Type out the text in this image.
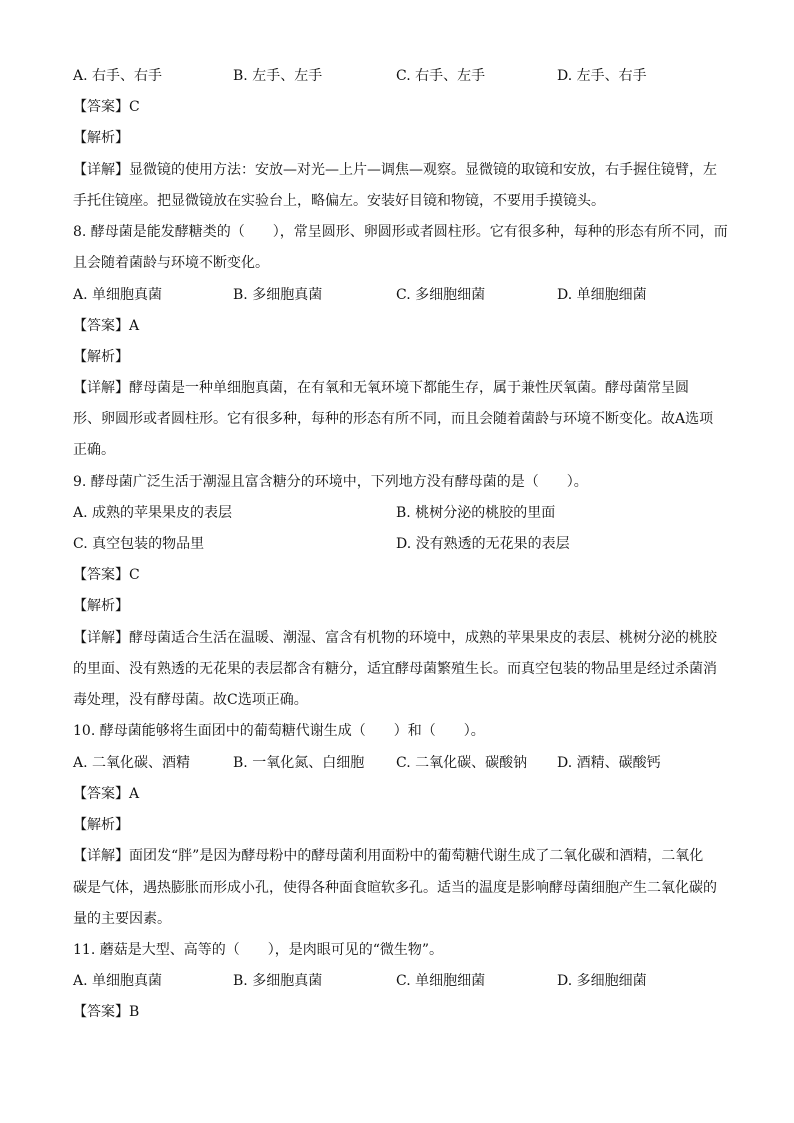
A. 右手、右手	B. 左手、左手	C. 右手、左手	D. 左手、右手
【答案】C
【解析】
【详解】显微镜的使用方法：安放—对光—上片—调焦—观察。显微镜的取镜和安放，右手握住镜臂，左
手托住镜座。把显微镜放在实验台上，略偏左。安装好目镜和物镜，不要用手摸镜头。
8. 酵母菌是能发酵糖类的（　　），常呈圆形、卵圆形或者圆柱形。它有很多种，每种的形态有所不同，而
且会随着菌龄与环境不断变化。
A. 单细胞真菌	B. 多细胞真菌	C. 多细胞细菌	D. 单细胞细菌
【答案】A
【解析】
【详解】酵母菌是一种单细胞真菌，在有氧和无氧环境下都能生存，属于兼性厌氧菌。酵母菌常呈圆
形、卵圆形或者圆柱形。它有很多种，每种的形态有所不同，而且会随着菌龄与环境不断变化。故A选项
正确。
9. 酵母菌广泛生活于潮湿且富含糖分的环境中，下列地方没有酵母菌的是（　　）。
A. 成熟的苹果果皮的表层	B. 桃树分泌的桃胶的里面
C. 真空包装的物品里	D. 没有熟透的无花果的表层
【答案】C
【解析】
【详解】酵母菌适合生活在温暖、潮湿、富含有机物的环境中，成熟的苹果果皮的表层、桃树分泌的桃胶
的里面、没有熟透的无花果的表层都含有糖分，适宜酵母菌繁殖生长。而真空包装的物品里是经过杀菌消
毒处理，没有酵母菌。故C选项正确。
10. 酵母菌能够将生面团中的葡萄糖代谢生成（　　）和（　　）。
A. 二氧化碳、酒精	B. 一氧化氮、白细胞 C. 二氧化碳、碳酸钠 D. 酒精、碳酸钙
【答案】A
【解析】
【详解】面团发“胖”是因为酵母粉中的酵母菌利用面粉中的葡萄糖代谢生成了二氧化碳和酒精，二氧化
碳是气体，遇热膨胀而形成小孔，使得各种面食暄软多孔。适当的温度是影响酵母菌细胞产生二氧化碳的
量的主要因素。
11. 蘑菇是大型、高等的（　　），是肉眼可见的“微生物”。
A. 单细胞真菌	B. 多细胞真菌	C. 单细胞细菌	D. 多细胞细菌
【答案】B
